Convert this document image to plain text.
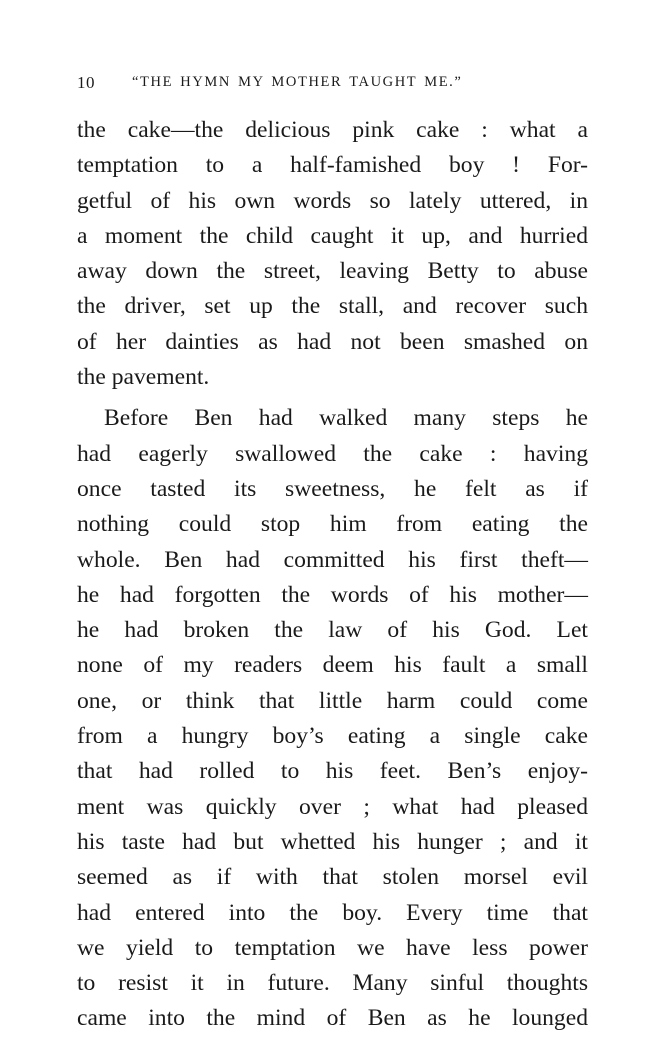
10	“THE HYMN MY MOTHER TAUGHT ME.”
the cake—the delicious pink cake : what a
temptation to a half-famished boy ! For-
getful of his own words so lately uttered, in
a moment the child caught it up, and hurried
away down the street, leaving Betty to abuse
the driver, set up the stall, and recover such
of her dainties as had not been smashed on
the pavement.
Before Ben had walked many steps he
had eagerly swallowed the cake : having
once tasted its sweetness, he felt as if
nothing could stop him from eating the
whole. Ben had committed his first theft—
he had forgotten the words of his mother—
he had broken the law of his God. Let
none of my readers deem his fault a small
one, or think that little harm could come
from a hungry boy’s eating a single cake
that had rolled to his feet. Ben’s enjoy-
ment was quickly over ; what had pleased
his taste had but whetted his hunger ; and it
seemed as if with that stolen morsel evil
had entered into the boy. Every time that
we yield to temptation we have less power
to resist it in future. Many sinful thoughts
came into the mind of Ben as he lounged
